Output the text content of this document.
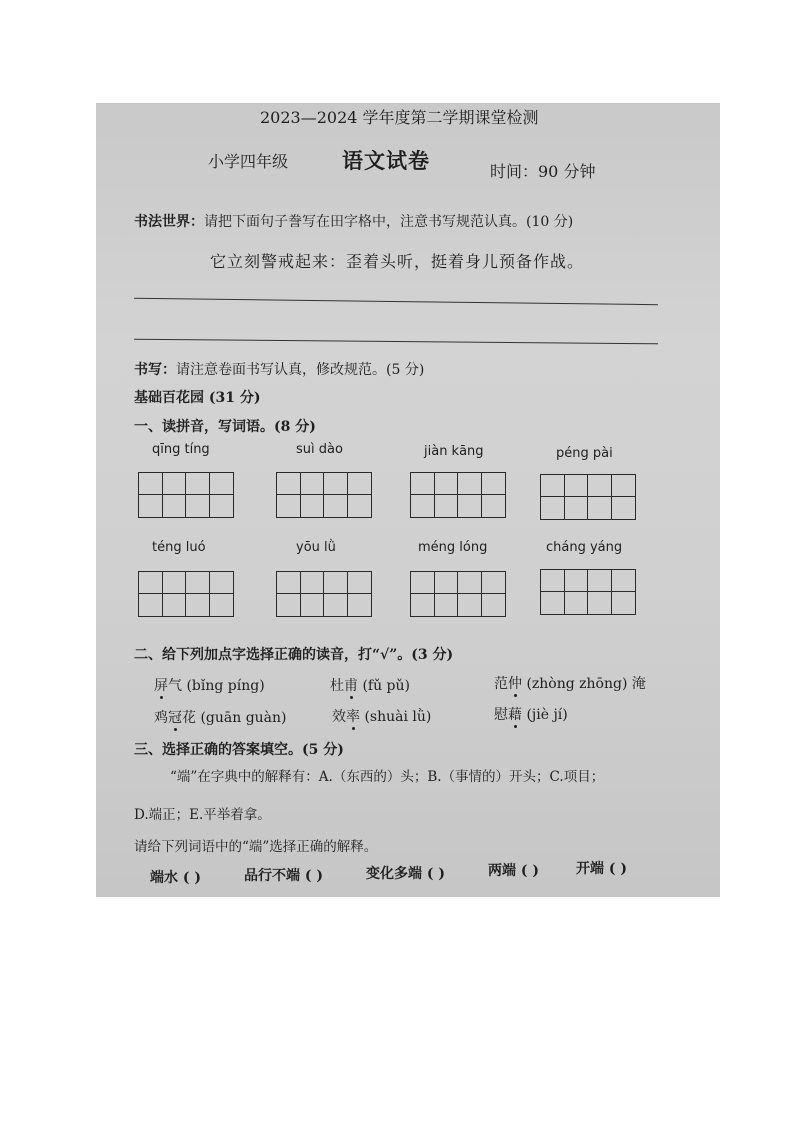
2023—2024 学年度第二学期课堂检测
小学四年级	语文试卷	时间：90 分钟
书法世界：请把下面句子誊写在田字格中，注意书写规范认真。(10 分)
它立刻警戒起来：歪着头听，挺着身儿预备作战。
书写：请注意卷面书写认真，修改规范。(5 分)
基础百花园 (31 分)
一、读拼音，写词语。(8 分)
qīng tíng	suì dào	jiàn kāng	péng pài
téng luó	yōu lǜ	méng lóng	cháng yáng
二、给下列加点字选择正确的读音，打“√”。(3 分)
屏气 (bǐng píng)	杜甫 (fǔ pǔ)	范仲 (zhòng zhōng) 淹
鸡冠花 (guān guàn)	效率 (shuài lǜ)	慰藉 (jiè jí)
三、选择正确的答案填空。(5 分)
“端”在字典中的解释有：A.（东西的）头；B.（事情的）开头；C.项目；
D.端正；E.平举着拿。
请给下列词语中的“端”选择正确的解释。
端水 ( )	品行不端 ( )	变化多端 ( )	两端 ( )	开端 ( )
